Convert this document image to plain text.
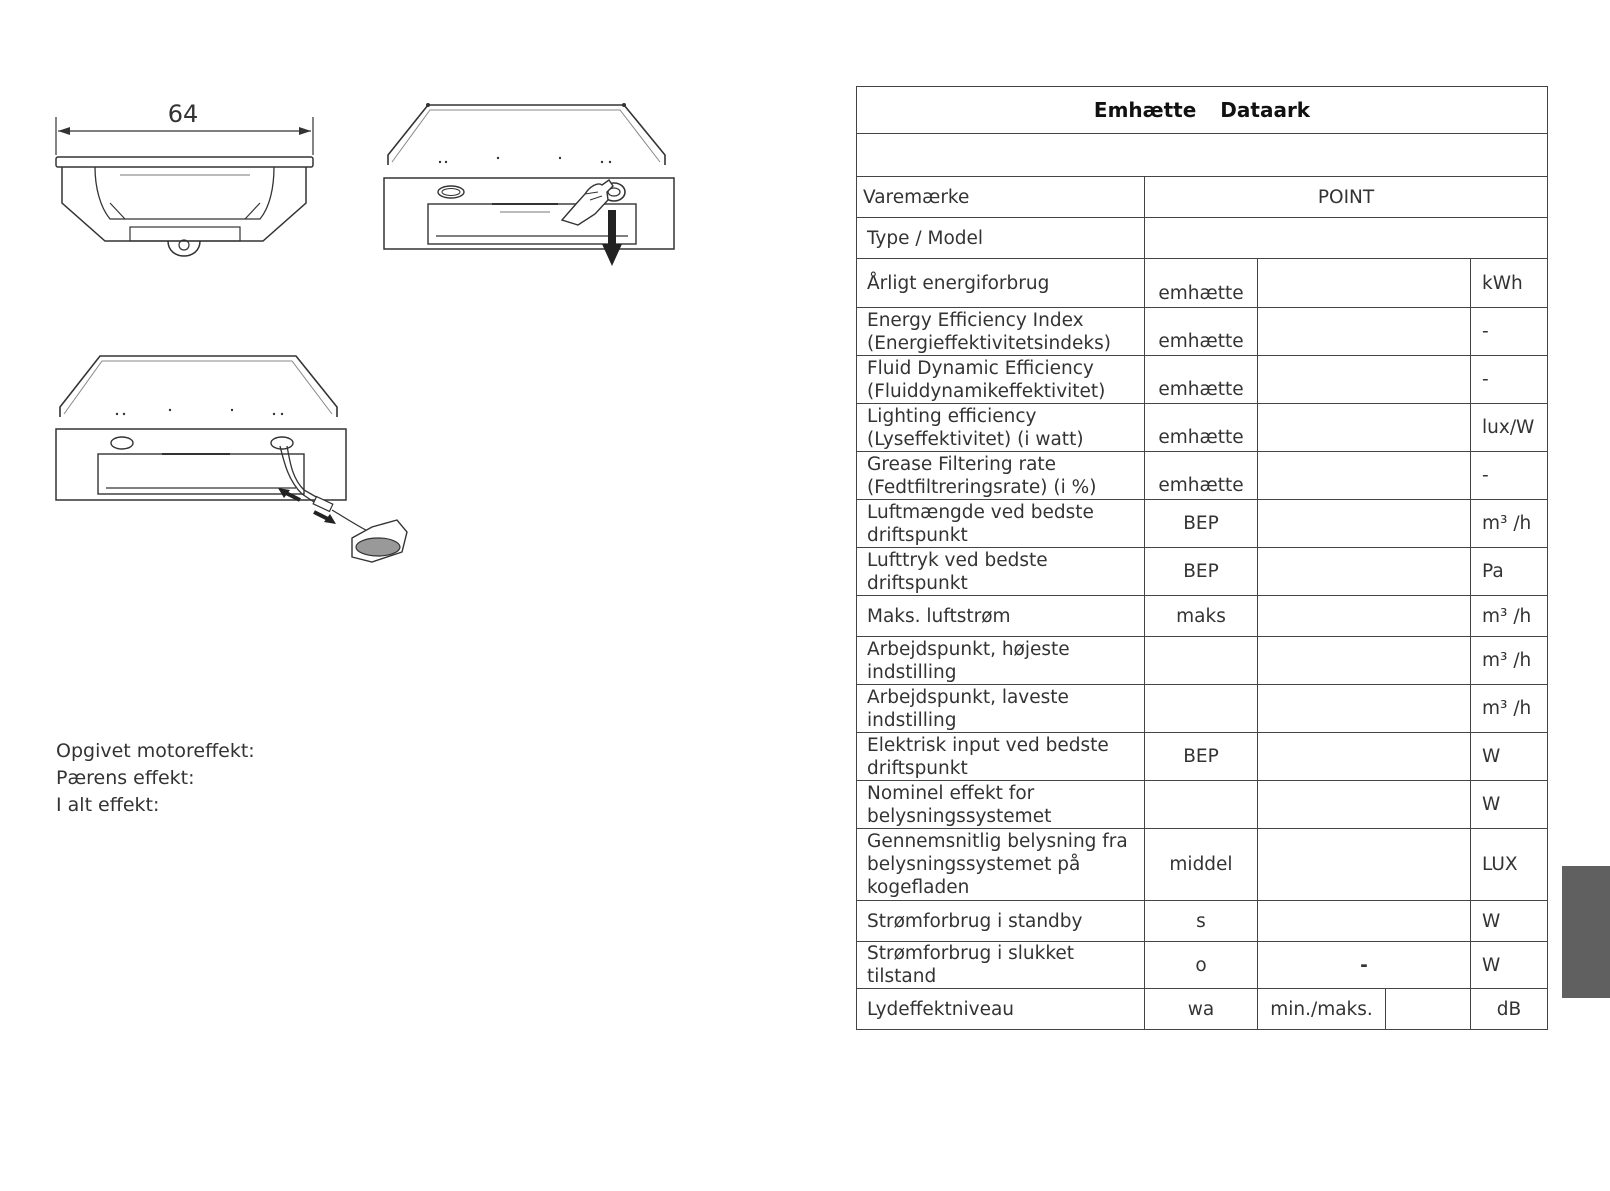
64
Opgivet motoreffekt:
Pærens effekt:
I alt effekt:
Emhætte Dataark				

Varemærke	POINT			
Type / Model				
Årligt energiforbrug	emhætte			kWh

Energy Efficiency Index
(Energieffektivitetsindeks)	emhætte			-

Fluid Dynamic Efficiency
(Fluiddynamikeffektivitet)	emhætte			-

Lighting efficiency
(Lyseffektivitet) (i watt)	emhætte			lux/W

Grease Filtering rate
(Fedtfiltreringsrate) (i %)	emhætte			-

Luftmængde ved bedste
driftspunkt	BEP			m³ /h

Lufttryk ved bedste
driftspunkt	BEP			Pa
Maks. luftstrøm	maks			m³ /h

Arbejdspunkt, højeste
indstilling				m³ /h

Arbejdspunkt, laveste
indstilling				m³ /h

Elektrisk input ved bedste
driftspunkt	BEP			W

Nominel effekt for
belysningssystemet				W

Gennemsnitlig belysning fra
belysningssystemet på
kogefladen	middel			LUX
Strømforbrug i standby	s			W
Strømforbrug i slukket tilstand	o	-		W
Lydeffektniveau	wa	min./maks.		dB
